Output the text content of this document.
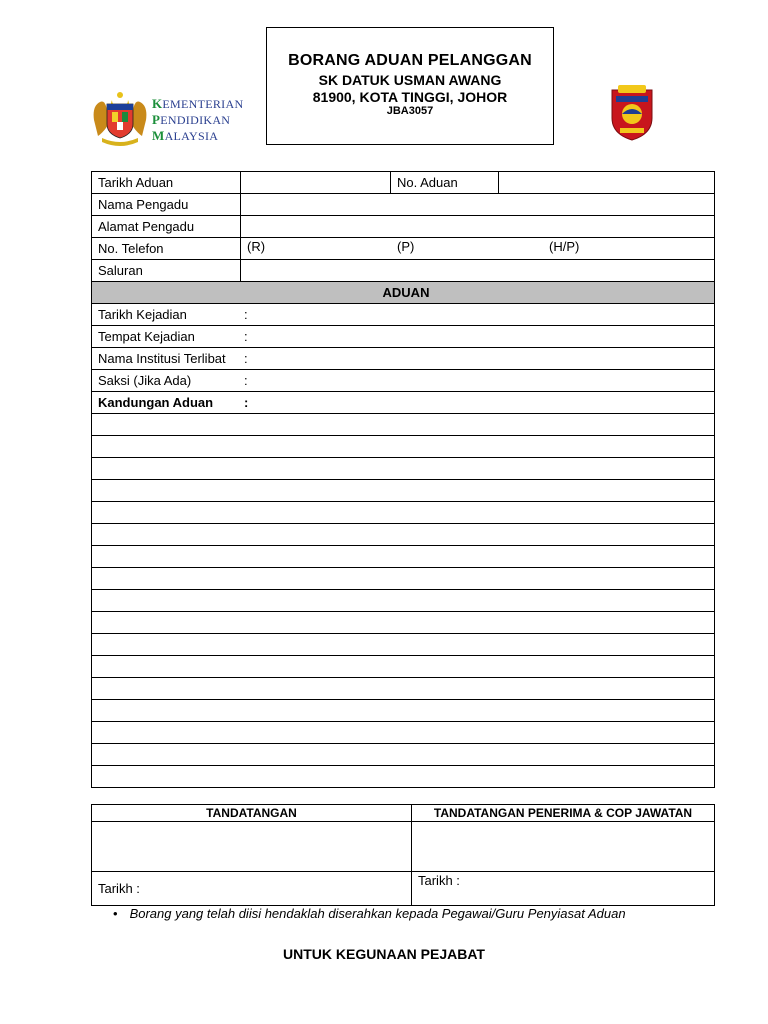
BORANG ADUAN PELANGGAN
SK DATUK USMAN AWANG
81900, KOTA TINGGI, JOHOR
JBA3057
KEMENTERIAN
PENDIDIKAN
MALAYSIA
Tarikh Aduan		No. Aduan	
Nama Pengadu			
Alamat Pengadu			
No. Telefon	(R) (P) (H/P)		

Saluran			
ADUAN			
Tarikh Kejadian :			
Tempat Kejadian :			
Nama Institusi Terlibat :			
Saksi (Jika Ada) :			
Kandungan Aduan :			

TANDATANGAN	TANDATANGAN PENERIMA & COP JAWATAN

Tarikh :	Tarikh :
• Borang yang telah diisi hendaklah diserahkan kepada Pegawai/Guru Penyiasat Aduan
UNTUK KEGUNAAN PEJABAT
